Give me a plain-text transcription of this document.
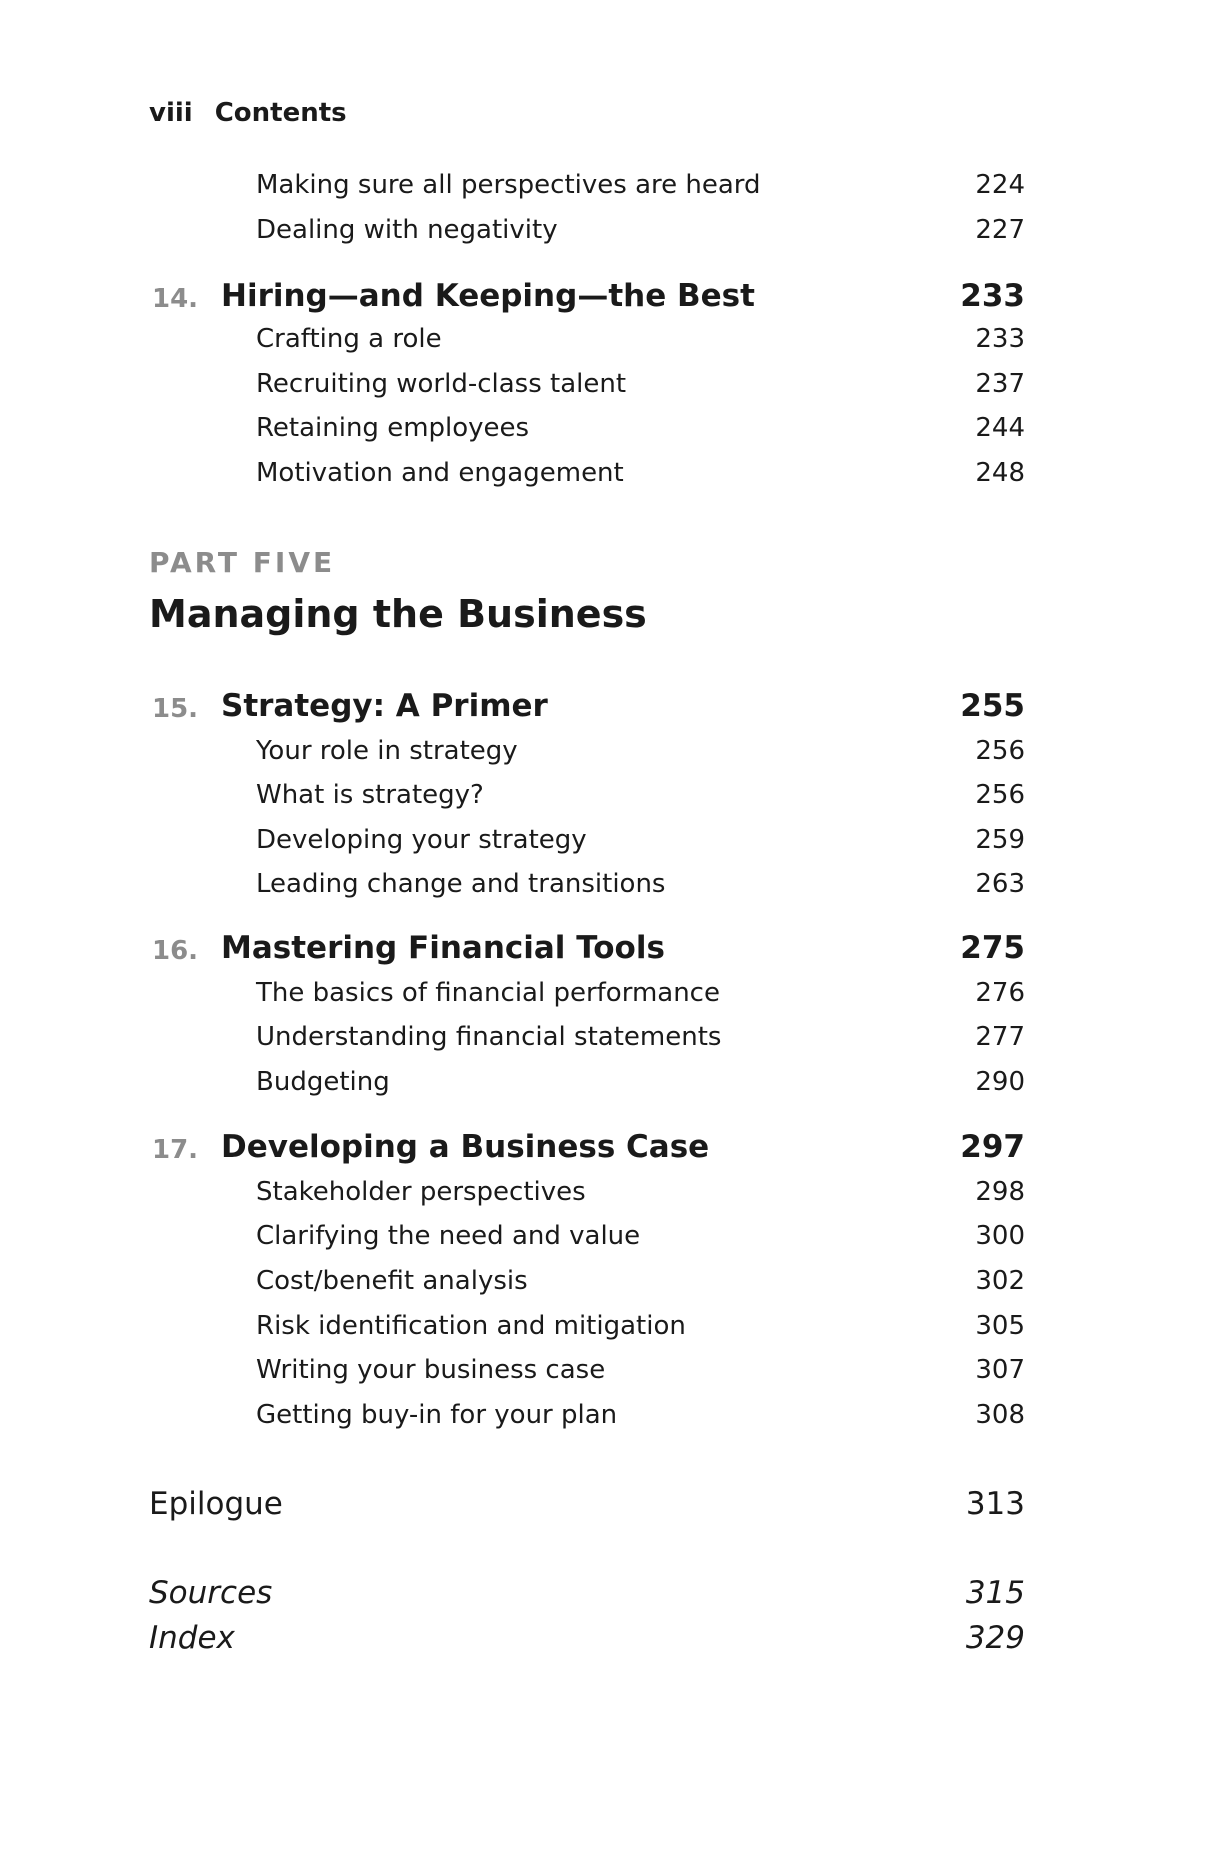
viii Contents
Making sure all perspectives are heard	224
Dealing with negativity	227
14. Hiring—and Keeping—the Best	233
Crafting a role	233
Recruiting world-class talent	237
Retaining employees	244
Motivation and engagement	248
PART FIVE
Managing the Business
15. Strategy: A Primer	255
Your role in strategy	256
What is strategy?	256
Developing your strategy	259
Leading change and transitions	263
16. Mastering Financial Tools	275
The basics of financial performance	276
Understanding financial statements	277
Budgeting	290
17. Developing a Business Case	297
Stakeholder perspectives	298
Clarifying the need and value	300
Cost/benefit analysis	302
Risk identification and mitigation	305
Writing your business case	307
Getting buy-in for your plan	308
Epilogue	313
Sources	315
Index	329
